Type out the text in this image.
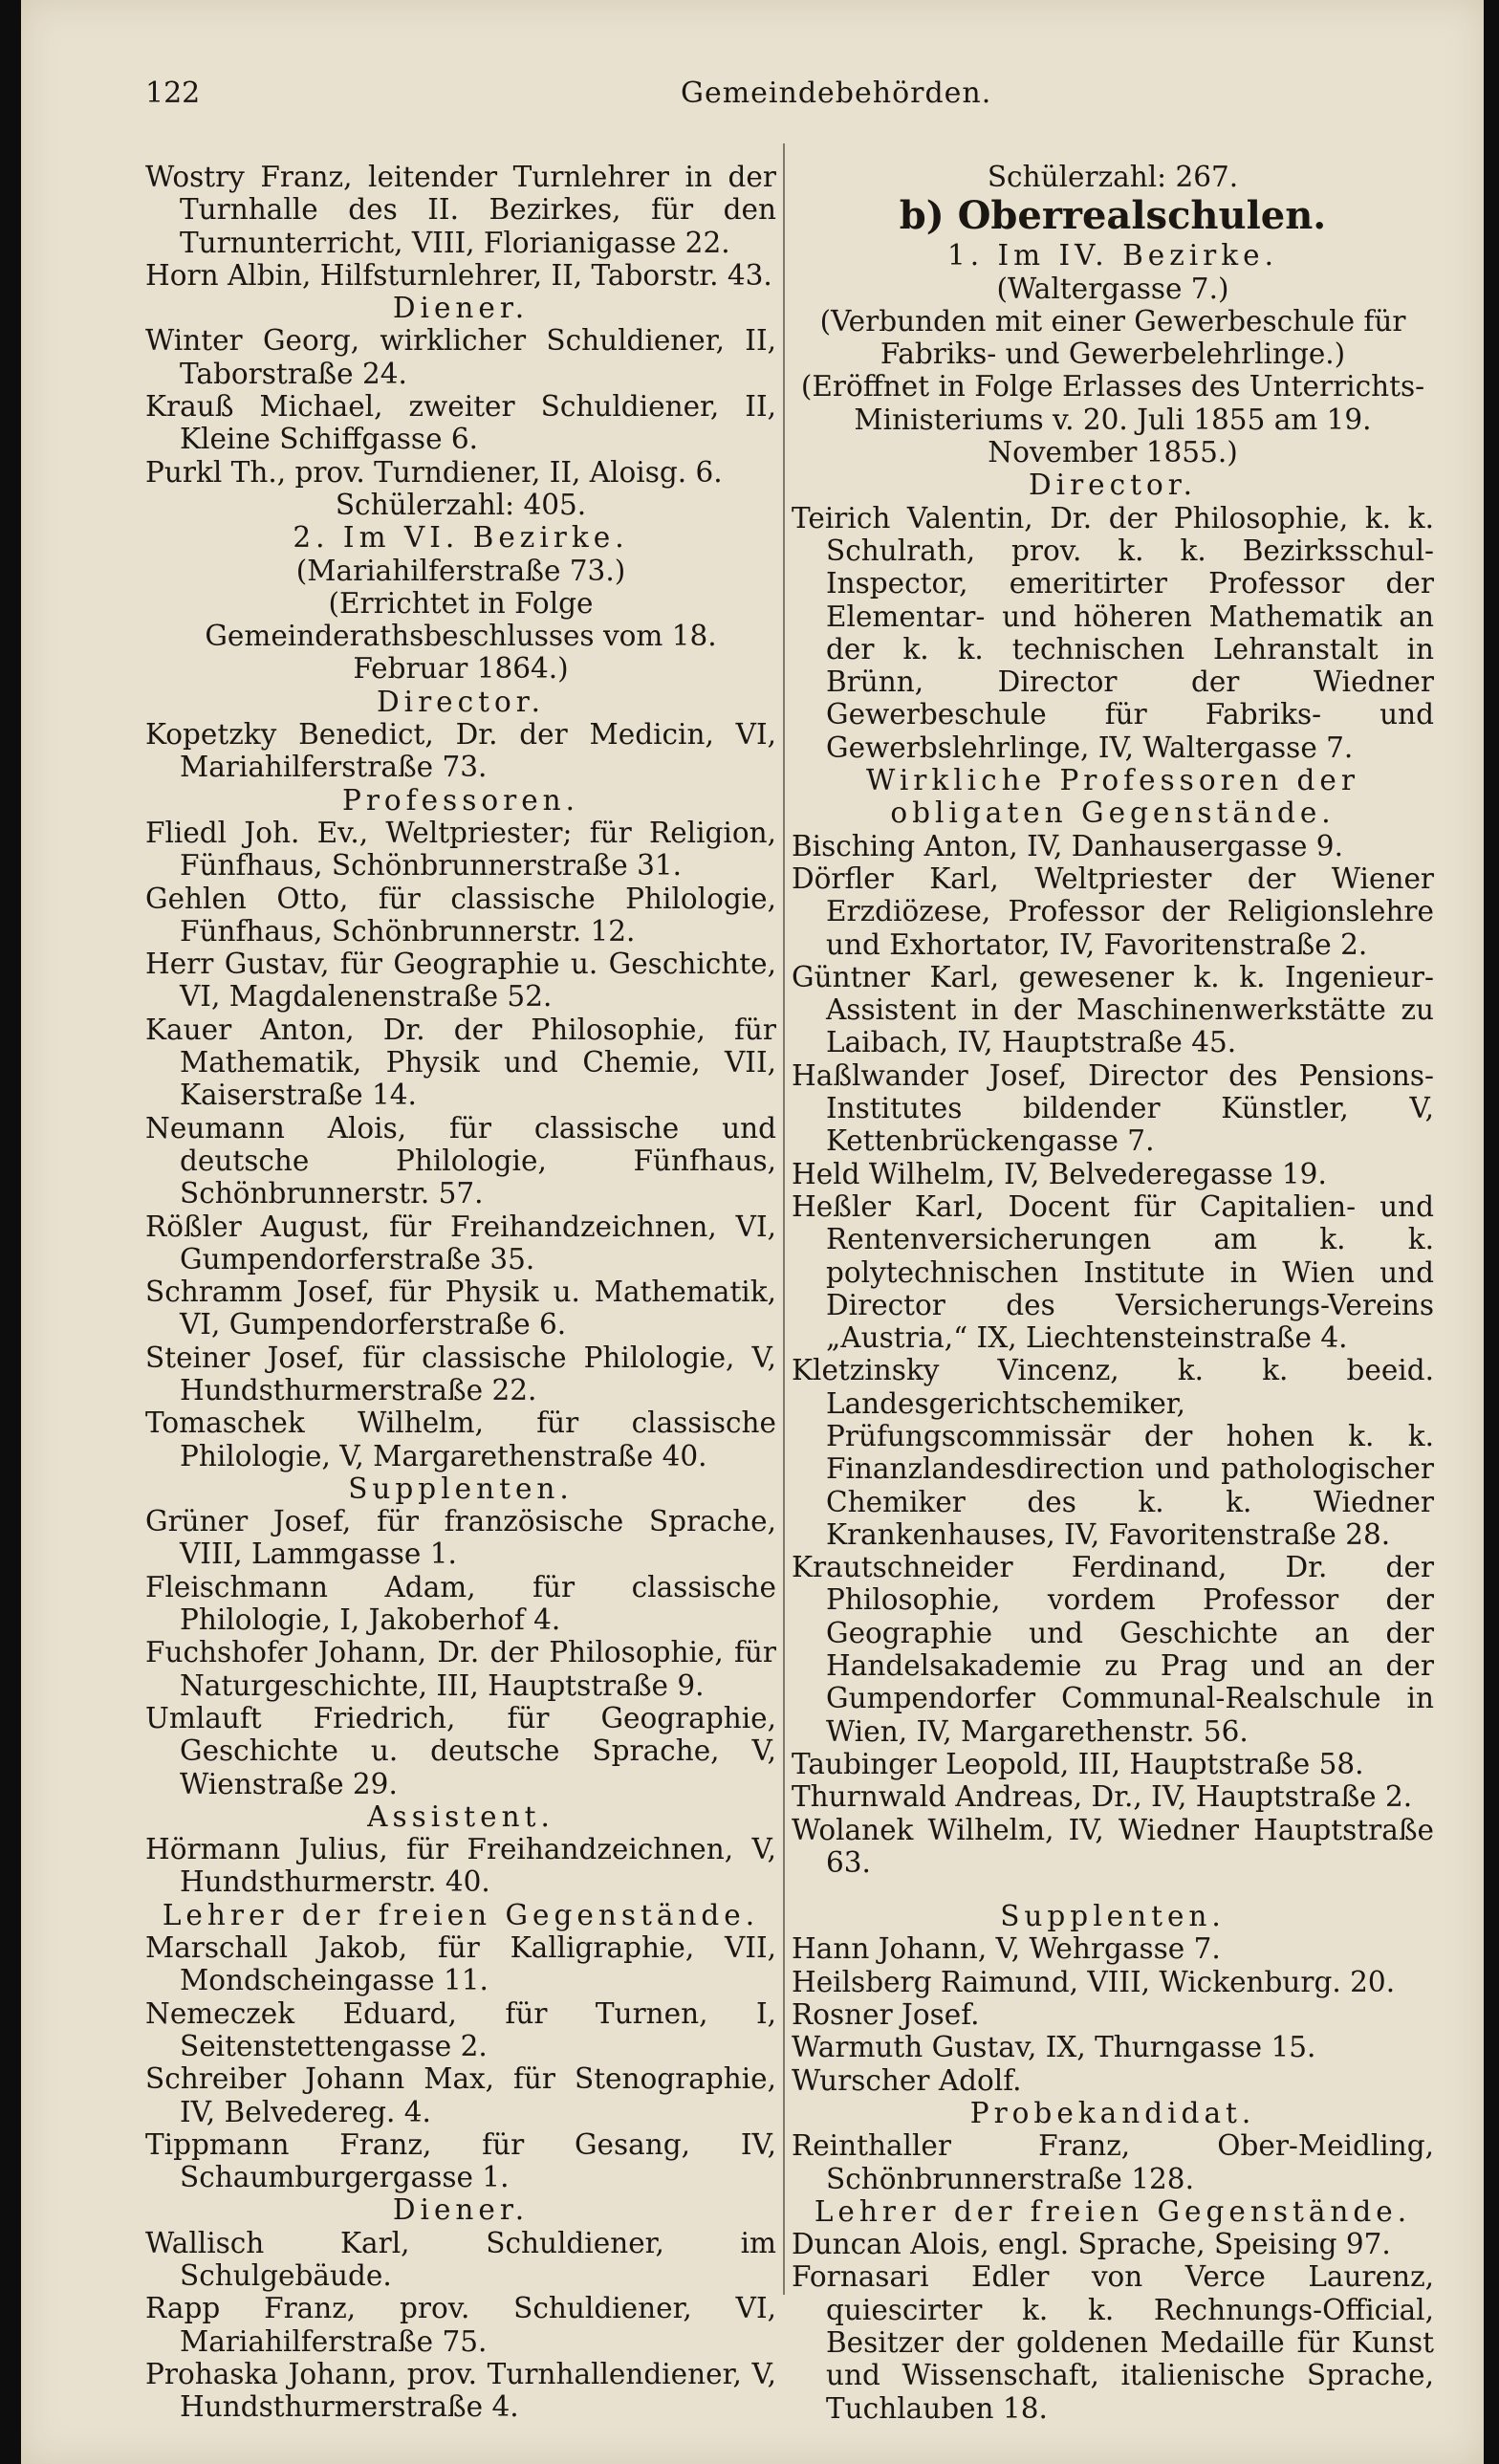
122	Gemeindebehörden.
Wostry Franz, leitender Turnlehrer in der Turnhalle des II. Bezirkes, für den Turnunterricht, VIII, Florianigasse 22.
Horn Albin, Hilfsturnlehrer, II, Taborstr. 43.
Diener.
Winter Georg, wirklicher Schuldiener, II, Taborstraße 24.
Krauß Michael, zweiter Schuldiener, II, Kleine Schiffgasse 6.
Purkl Th., prov. Turndiener, II, Aloisg. 6.
Schülerzahl: 405.
2. Im VI. Bezirke.
(Mariahilferstraße 73.)
(Errichtet in Folge Gemeinderathsbeschlusses vom 18. Februar 1864.)
Director.
Kopetzky Benedict, Dr. der Medicin, VI, Mariahilferstraße 73.
Professoren.
Fliedl Joh. Ev., Weltpriester; für Religion, Fünfhaus, Schönbrunnerstraße 31.
Gehlen Otto, für classische Philologie, Fünfhaus, Schönbrunnerstr. 12.
Herr Gustav, für Geographie u. Geschichte, VI, Magdalenenstraße 52.
Kauer Anton, Dr. der Philosophie, für Mathematik, Physik und Chemie, VII, Kaiserstraße 14.
Neumann Alois, für classische und deutsche Philologie, Fünfhaus, Schönbrunnerstr. 57.
Rößler August, für Freihandzeichnen, VI, Gumpendorferstraße 35.
Schramm Josef, für Physik u. Mathematik, VI, Gumpendorferstraße 6.
Steiner Josef, für classische Philologie, V, Hundsthurmerstraße 22.
Tomaschek Wilhelm, für classische Philologie, V, Margarethenstraße 40.
Supplenten.
Grüner Josef, für französische Sprache, VIII, Lammgasse 1.
Fleischmann Adam, für classische Philologie, I, Jakoberhof 4.
Fuchshofer Johann, Dr. der Philosophie, für Naturgeschichte, III, Hauptstraße 9.
Umlauft Friedrich, für Geographie, Geschichte u. deutsche Sprache, V, Wienstraße 29.
Assistent.
Hörmann Julius, für Freihandzeichnen, V, Hundsthurmerstr. 40.
Lehrer der freien Gegenstände.
Marschall Jakob, für Kalligraphie, VII, Mondscheingasse 11.
Nemeczek Eduard, für Turnen, I, Seitenstettengasse 2.
Schreiber Johann Max, für Stenographie, IV, Belvedereg. 4.
Tippmann Franz, für Gesang, IV, Schaumburgergasse 1.
Diener.
Wallisch Karl, Schuldiener, im Schulgebäude.
Rapp Franz, prov. Schuldiener, VI, Mariahilferstraße 75.
Prohaska Johann, prov. Turnhallendiener, V, Hundsthurmerstraße 4.
Schülerzahl: 267.
b) Oberrealschulen.
1. Im IV. Bezirke.
(Waltergasse 7.)
(Verbunden mit einer Gewerbeschule für Fabriks- und Gewerbelehrlinge.)
(Eröffnet in Folge Erlasses des Unterrichts-Ministeriums v. 20. Juli 1855 am 19. November 1855.)
Director.
Teirich Valentin, Dr. der Philosophie, k. k. Schulrath, prov. k. k. Bezirksschul-Inspector, emeritirter Professor der Elementar- und höheren Mathematik an der k. k. technischen Lehranstalt in Brünn, Director der Wiedner Gewerbeschule für Fabriks- und Gewerbslehrlinge, IV, Waltergasse 7.
Wirkliche Professoren der obligaten Gegenstände.
Bisching Anton, IV, Danhausergasse 9.
Dörfler Karl, Weltpriester der Wiener Erzdiözese, Professor der Religionslehre und Exhortator, IV, Favoritenstraße 2.
Güntner Karl, gewesener k. k. Ingenieur-Assistent in der Maschinenwerkstätte zu Laibach, IV, Hauptstraße 45.
Haßlwander Josef, Director des Pensions-Institutes bildender Künstler, V, Kettenbrückengasse 7.
Held Wilhelm, IV, Belvederegasse 19.
Heßler Karl, Docent für Capitalien- und Rentenversicherungen am k. k. polytechnischen Institute in Wien und Director des Versicherungs-Vereins „Austria,“ IX, Liechtensteinstraße 4.
Kletzinsky Vincenz, k. k. beeid. Landesgerichtschemiker, Prüfungscommissär der hohen k. k. Finanzlandesdirection und pathologischer Chemiker des k. k. Wiedner Krankenhauses, IV, Favoritenstraße 28.
Krautschneider Ferdinand, Dr. der Philosophie, vordem Professor der Geographie und Geschichte an der Handelsakademie zu Prag und an der Gumpendorfer Communal-Realschule in Wien, IV, Margarethenstr. 56.
Taubinger Leopold, III, Hauptstraße 58.
Thurnwald Andreas, Dr., IV, Hauptstraße 2.
Wolanek Wilhelm, IV, Wiedner Hauptstraße 63.
Supplenten.
Hann Johann, V, Wehrgasse 7.
Heilsberg Raimund, VIII, Wickenburg. 20.
Rosner Josef.
Warmuth Gustav, IX, Thurngasse 15.
Wurscher Adolf.
Probekandidat.
Reinthaller Franz, Ober-Meidling, Schönbrunnerstraße 128.
Lehrer der freien Gegenstände.
Duncan Alois, engl. Sprache, Speising 97.
Fornasari Edler von Verce Laurenz, quiescirter k. k. Rechnungs-Official, Besitzer der goldenen Medaille für Kunst und Wissenschaft, italienische Sprache, Tuchlauben 18.
